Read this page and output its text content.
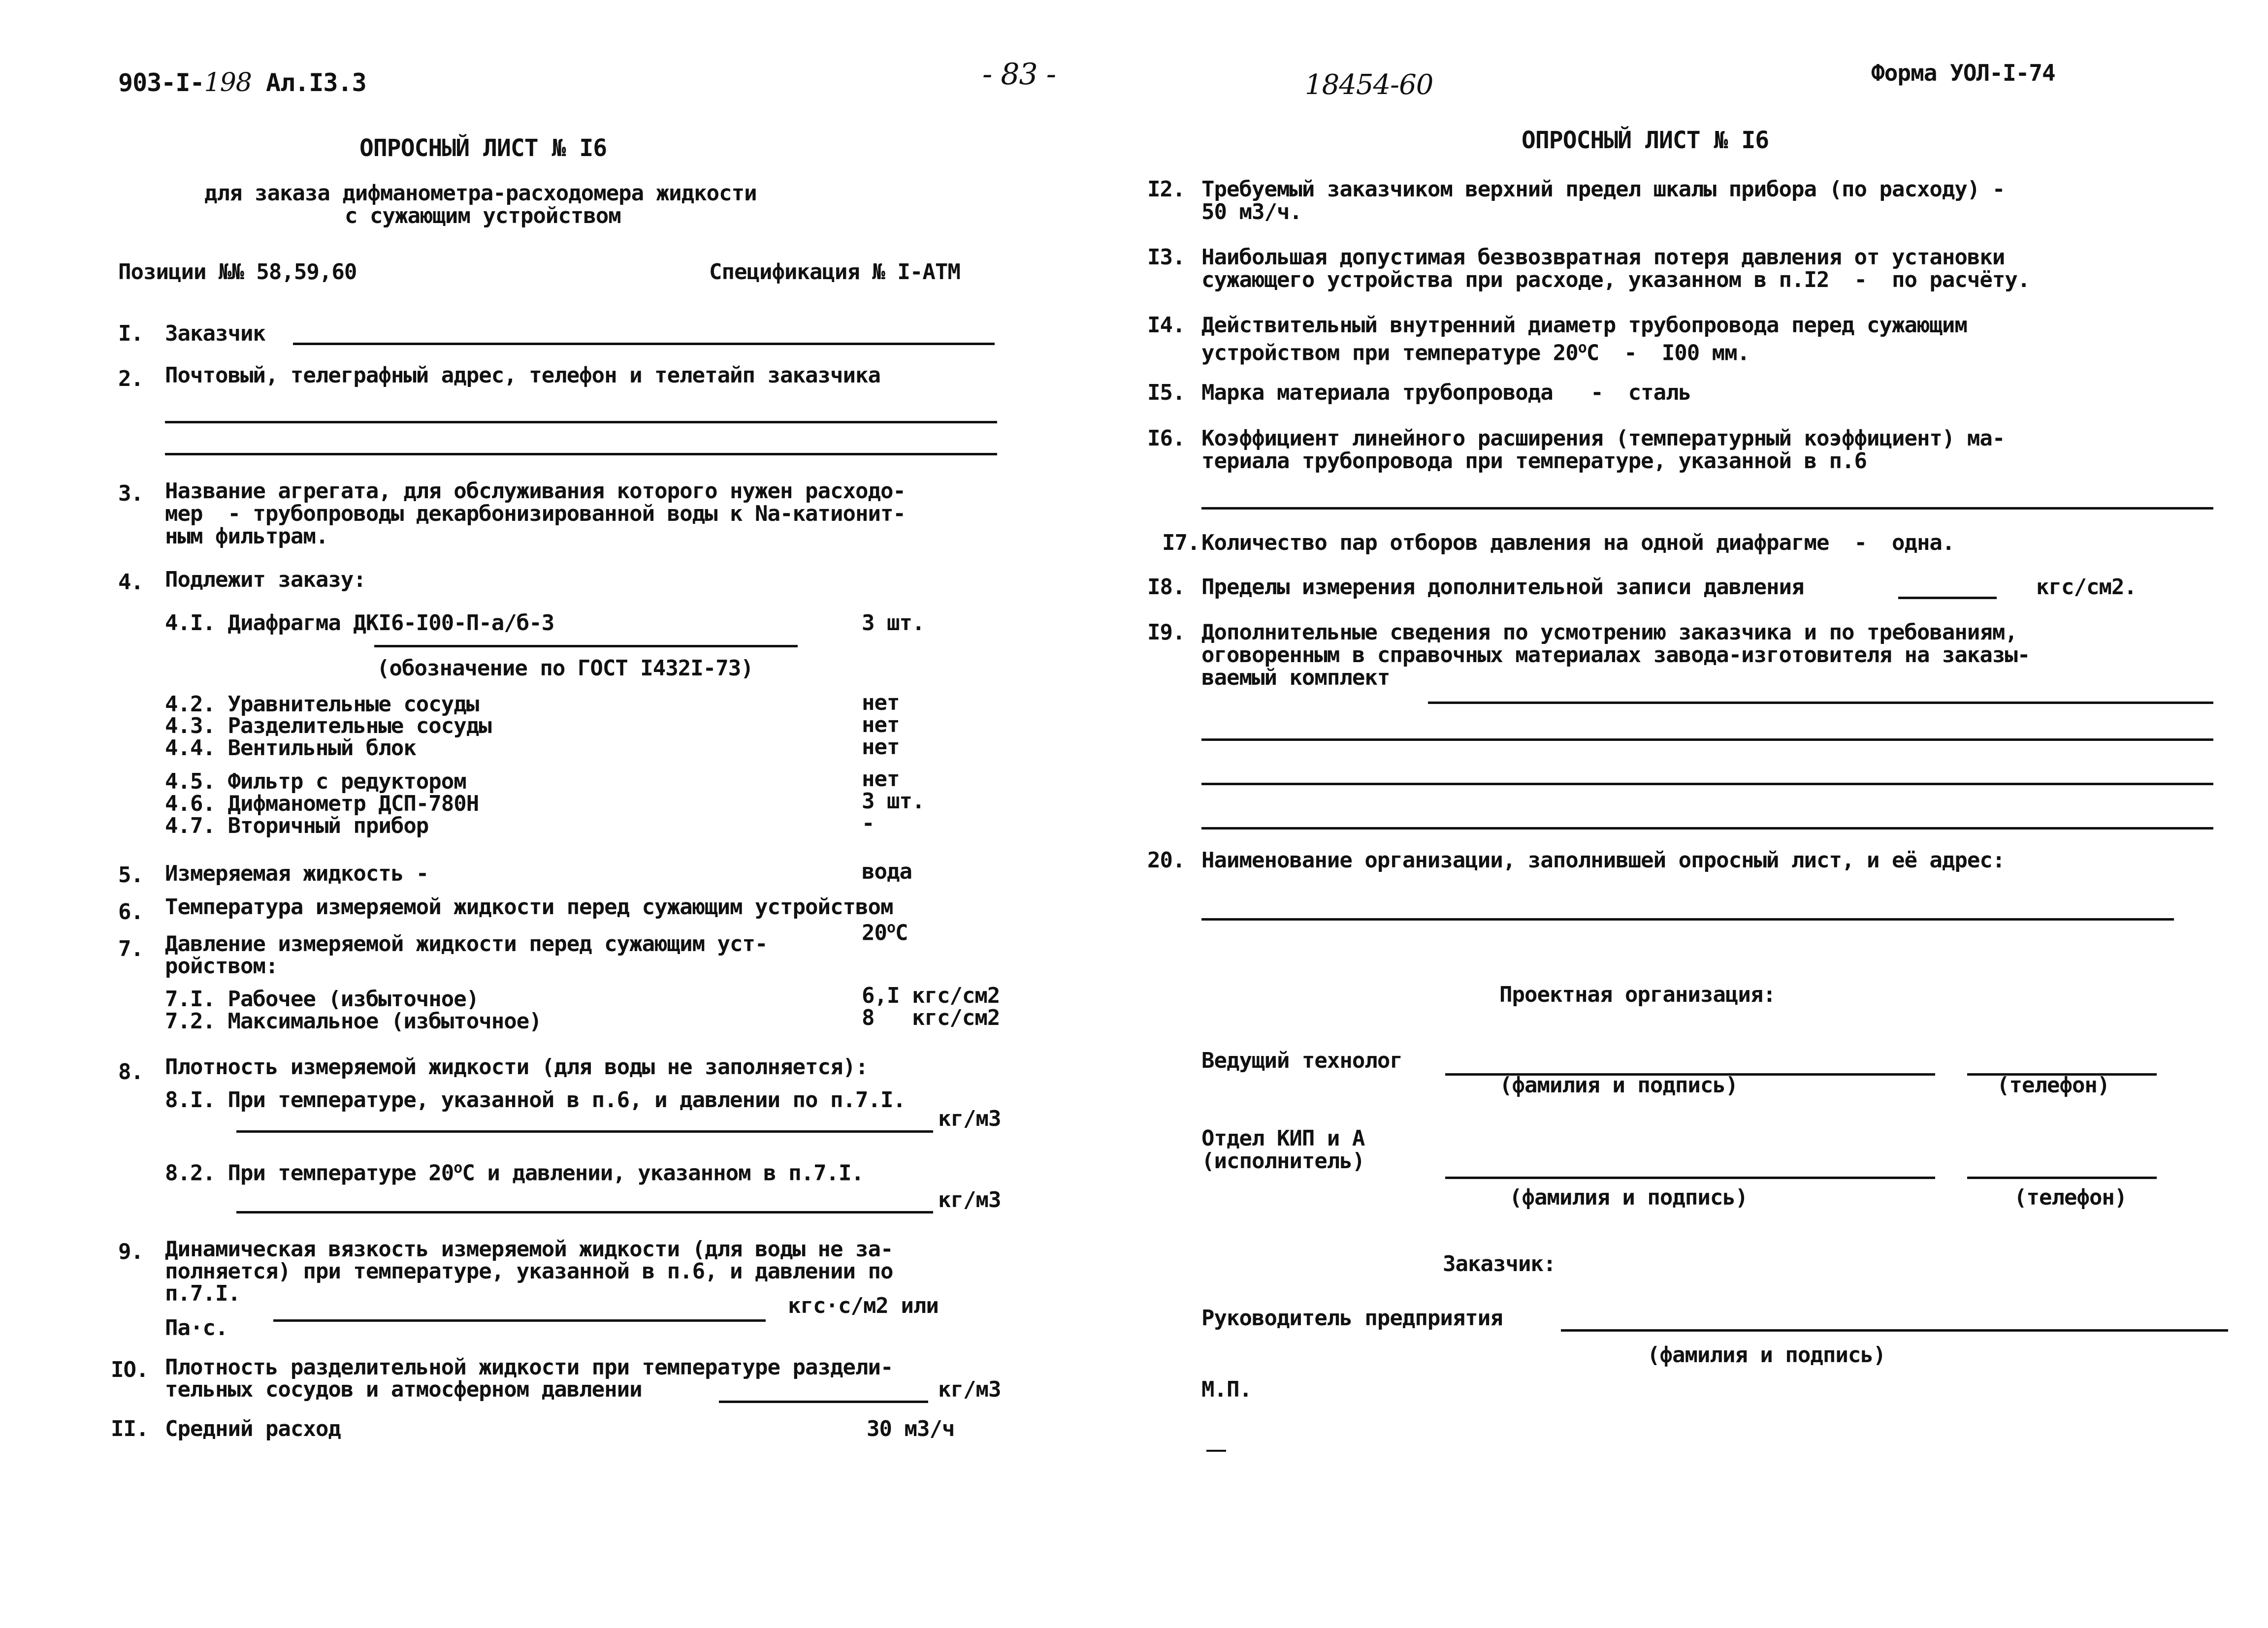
903-I-198 Ал.I3.3	- 83 -
ОПРОСНЫЙ ЛИСТ № I6
для заказа дифманометра-расходомера жидкости
с сужающим устройством
Позиции №№ 58,59,60	Спецификация № I-АТМ
I. Заказчик
2. Почтовый, телеграфный адрес, телефон и телетайп заказчика
3. Название агрегата, для обслуживания которого нужен расходо-
мер  - трубопроводы декарбонизированной воды к Na-катионит-
ным фильтрам.
4. Подлежит заказу:
4.I. Диафрагма ДКI6-I00-П-а/б-3	3 шт.
(обозначение по ГОСТ I432I-73)
4.2. Уравнительные сосуды	нет
4.3. Разделительные сосуды	нет
4.4. Вентильный блок	нет
4.5. Фильтр с редуктором	нет
4.6. Дифманометр ДСП-780Н	3 шт.
4.7. Вторичный прибор	-
5. Измеряемая жидкость -	вода
6. Температура измеряемой жидкости перед сужающим устройством
20$^o$C
7. Давление измеряемой жидкости перед сужающим уст-
ройством:
7.I. Рабочее (избыточное)	6,I кгс/см2
7.2. Максимальное (избыточное)	8   кгс/см2
8. Плотность измеряемой жидкости (для воды не заполняется):
8.I. При температуре, указанной в п.6, и давлении по п.7.I.
кг/м3
8.2. При температуре 20$^o$С и давлении, указанном в п.7.I.
кг/м3
9. Динамическая вязкость измеряемой жидкости (для воды не за-
полняется) при температуре, указанной в п.6, и давлении по
п.7.I.	кгс·с/м2 или
Па·с.
IO. Плотность разделительной жидкости при температуре раздели-
тельных сосудов и атмосферном давлении	кг/м3
II. Средний расход	30 м3/ч
18454-60	Форма УОЛ-I-74
ОПРОСНЫЙ ЛИСТ № I6
I2. Требуемый заказчиком верхний предел шкалы прибора (по расходу) -
50 м3/ч.
I3. Наибольшая допустимая безвозвратная потеря давления от установки
сужающего устройства при расходе, указанном в п.I2  -  по расчёту.
I4. Действительный внутренний диаметр трубопровода перед сужающим
устройством при температуре 20$^o$С  -  I00 мм.
I5. Марка материала трубопровода   -  сталь
I6. Коэффициент линейного расширения (температурный коэффициент) ма-
териала трубопровода при температуре, указанной в п.6
I7. Количество пар отборов давления на одной диафрагме  -  одна.
I8. Пределы измерения дополнительной записи давления	кгс/см2.
I9. Дополнительные сведения по усмотрению заказчика и по требованиям,
оговоренным в справочных материалах завода-изготовителя на заказы-
ваемый комплект
20. Наименование организации, заполнившей опросный лист, и её адрес:
Проектная организация:
Ведущий технолог
(фамилия и подпись)	(телефон)
Отдел КИП и А
(исполнитель)
(фамилия и подпись)	(телефон)
Заказчик:
Руководитель предприятия
(фамилия и подпись)
М.П.
